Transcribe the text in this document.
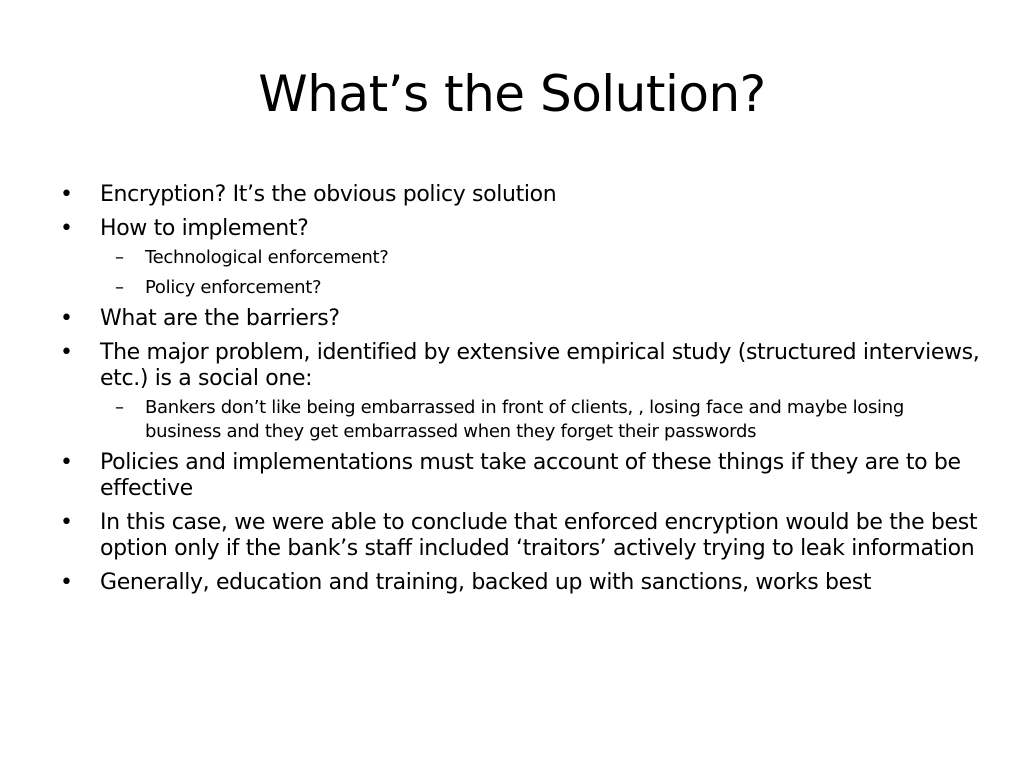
What’s the Solution?
•	Encryption? It’s the obvious policy solution
•	How to implement?
– Technological enforcement?
– Policy enforcement?
•	What are the barriers?
•	The major problem, identified by extensive empirical study (structured interviews, etc.) is a social one:
– Bankers don’t like being embarrassed in front of clients, , losing face and maybe losing business and they get embarrassed when they forget their passwords
•	Policies and implementations must take account of these things if they are to be effective
•	In this case, we were able to conclude that enforced encryption would be the best option only if the bank’s staff included ‘traitors’ actively trying to leak information
•	Generally, education and training, backed up with sanctions, works best
